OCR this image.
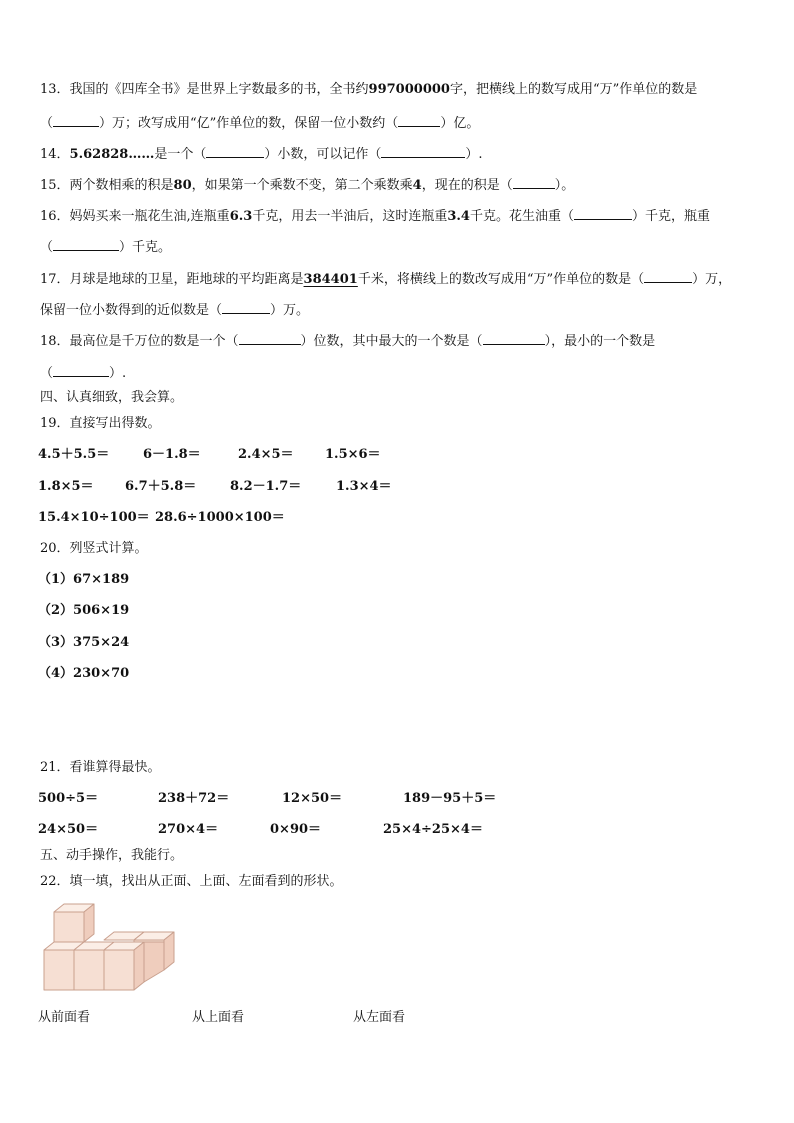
13．我国的《四库全书》是世界上字数最多的书，全书约997000000字，把横线上的数写成用“万”作单位的数是
（	）万；改写成用“亿”作单位的数，保留一位小数约（	）亿。
14．5.62828……是一个（	）小数，可以记作（	）.
15．两个数相乘的积是80，如果第一个乘数不变，第二个乘数乘4，现在的积是（	）。
16．妈妈买来一瓶花生油,连瓶重6.3千克，用去一半油后，这时连瓶重3.4千克。花生油重（	）千克，瓶重
（	）千克。
17．月球是地球的卫星，距地球的平均距离是384401千米，将横线上的数改写成用“万”作单位的数是（	）万，
保留一位小数得到的近似数是（	）万。
18．最高位是千万位的数是一个（	）位数，其中最大的一个数是（	），最小的一个数是
（	）.
四、认真细致，我会算。
19．直接写出得数。
4.5＋5.5＝	6－1.8＝	2.4×5＝ 1.5×6＝
1.8×5＝ 6.7＋5.8＝	8.2－1.7＝	1.3×4＝
15.4×10÷100＝ 28.6÷1000×100＝
20．列竖式计算。
（1）67×189
（2）506×19
（3）375×24
（4）230×70
21．看谁算得最快。
500÷5＝	238＋72＝	12×50＝	189－95＋5＝
24×50＝	270×4＝	0×90＝	25×4÷25×4＝
五、动手操作，我能行。
22．填一填，找出从正面、上面、左面看到的形状。
从前面看	从上面看	从左面看
